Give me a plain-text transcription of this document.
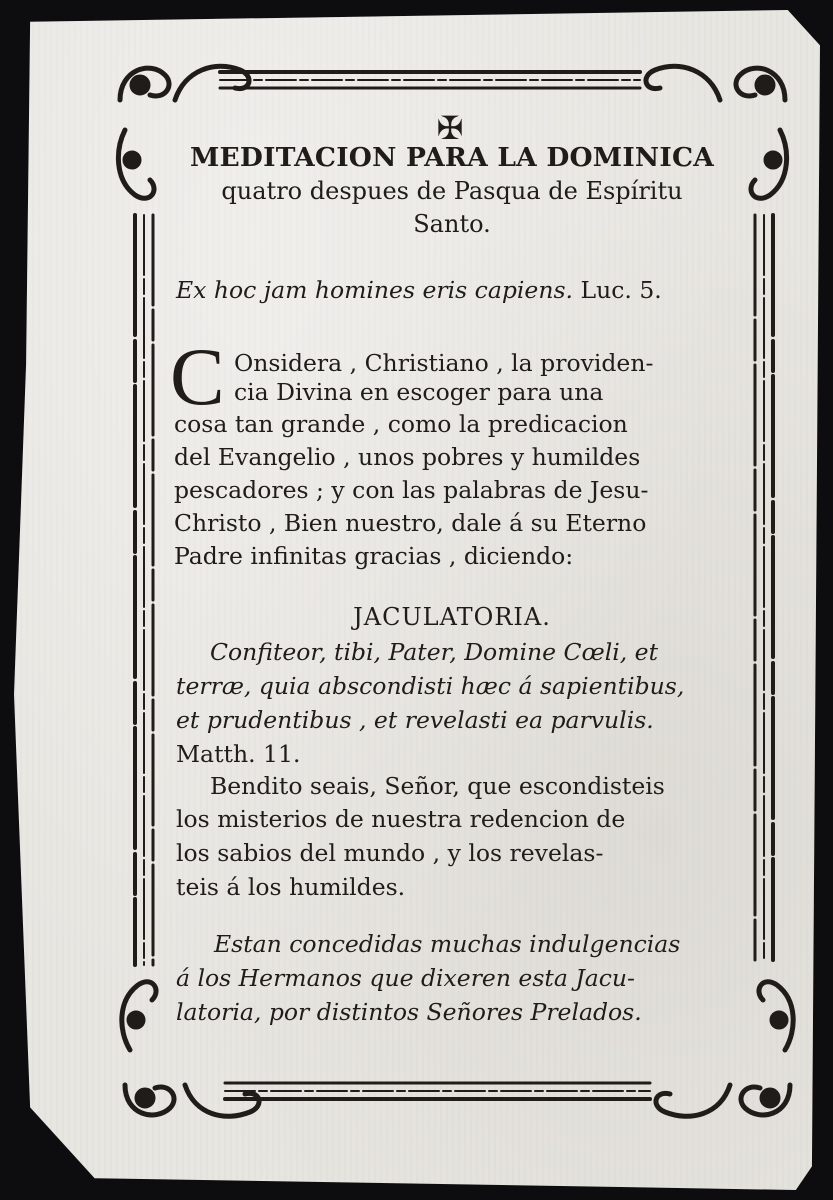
✠
MEDITACION PARA LA DOMINICA
quatro despues de Pasqua de Espíritu
Santo.
Ex hoc jam homines eris capiens. Luc. 5.
C Onsidera , Christiano , la providen-
cia Divina en escoger para una
cosa tan grande , como la predicacion
del Evangelio , unos pobres y humildes
pescadores ; y con las palabras de Jesu-
Christo , Bien nuestro, dale á su Eterno
Padre infinitas gracias , diciendo:
JACULATORIA.
Confiteor, tibi, Pater, Domine Cœli, et
terræ, quia abscondisti hæc á sapientibus,
et prudentibus , et revelasti ea parvulis.
Matth. 11.
Bendito seais, Señor, que escondisteis
los misterios de nuestra redencion de
los sabios del mundo , y los revelas-
teis á los humildes.
Estan concedidas muchas indulgencias
á los Hermanos que dixeren esta Jacu-
latoria, por distintos Señores Prelados.
